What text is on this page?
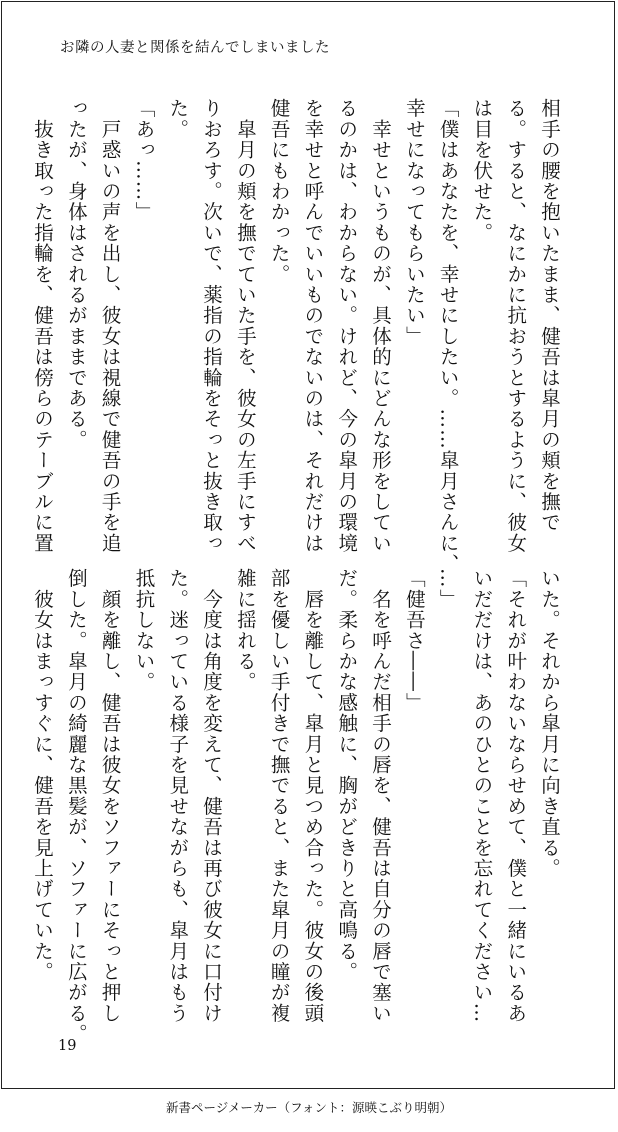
お隣の人妻と関係を結んでしまいました
相手の腰を抱いたまま、健吾は皐月の頬を撫で
る。すると、なにかに抗おうとするように、彼女
は目を伏せた。
「僕はあなたを、幸せにしたい。……皐月さんに、
幸せになってもらいたい」
　幸せというものが、具体的にどんな形をしてい
るのかは、わからない。けれど、今の皐月の環境
を幸せと呼んでいいものでないのは、それだけは
健吾にもわかった。
　皐月の頬を撫でていた手を、彼女の左手にすべ
りおろす。次いで、薬指の指輪をそっと抜き取っ
た。
「あっ……」
　戸惑いの声を出し、彼女は視線で健吾の手を追
ったが、身体はされるがままである。
　抜き取った指輪を、健吾は傍らのテーブルに置
いた。それから皐月に向き直る。
「それが叶わないならせめて、僕と一緒にいるあ
いだだけは、あのひとのことを忘れてください…
…」
「健吾さ――」
　名を呼んだ相手の唇を、健吾は自分の唇で塞い
だ。柔らかな感触に、胸がどきりと高鳴る。
　唇を離して、皐月と見つめ合った。彼女の後頭
部を優しい手付きで撫でると、また皐月の瞳が複
雑に揺れる。
　今度は角度を変えて、健吾は再び彼女に口付け
た。迷っている様子を見せながらも、皐月はもう
抵抗しない。
　顔を離し、健吾は彼女をソファーにそっと押し
倒した。皐月の綺麗な黒髪が、ソファーに広がる。
　彼女はまっすぐに、健吾を見上げていた。
19
新書ページメーカー（フォント：源暎こぶり明朝）
